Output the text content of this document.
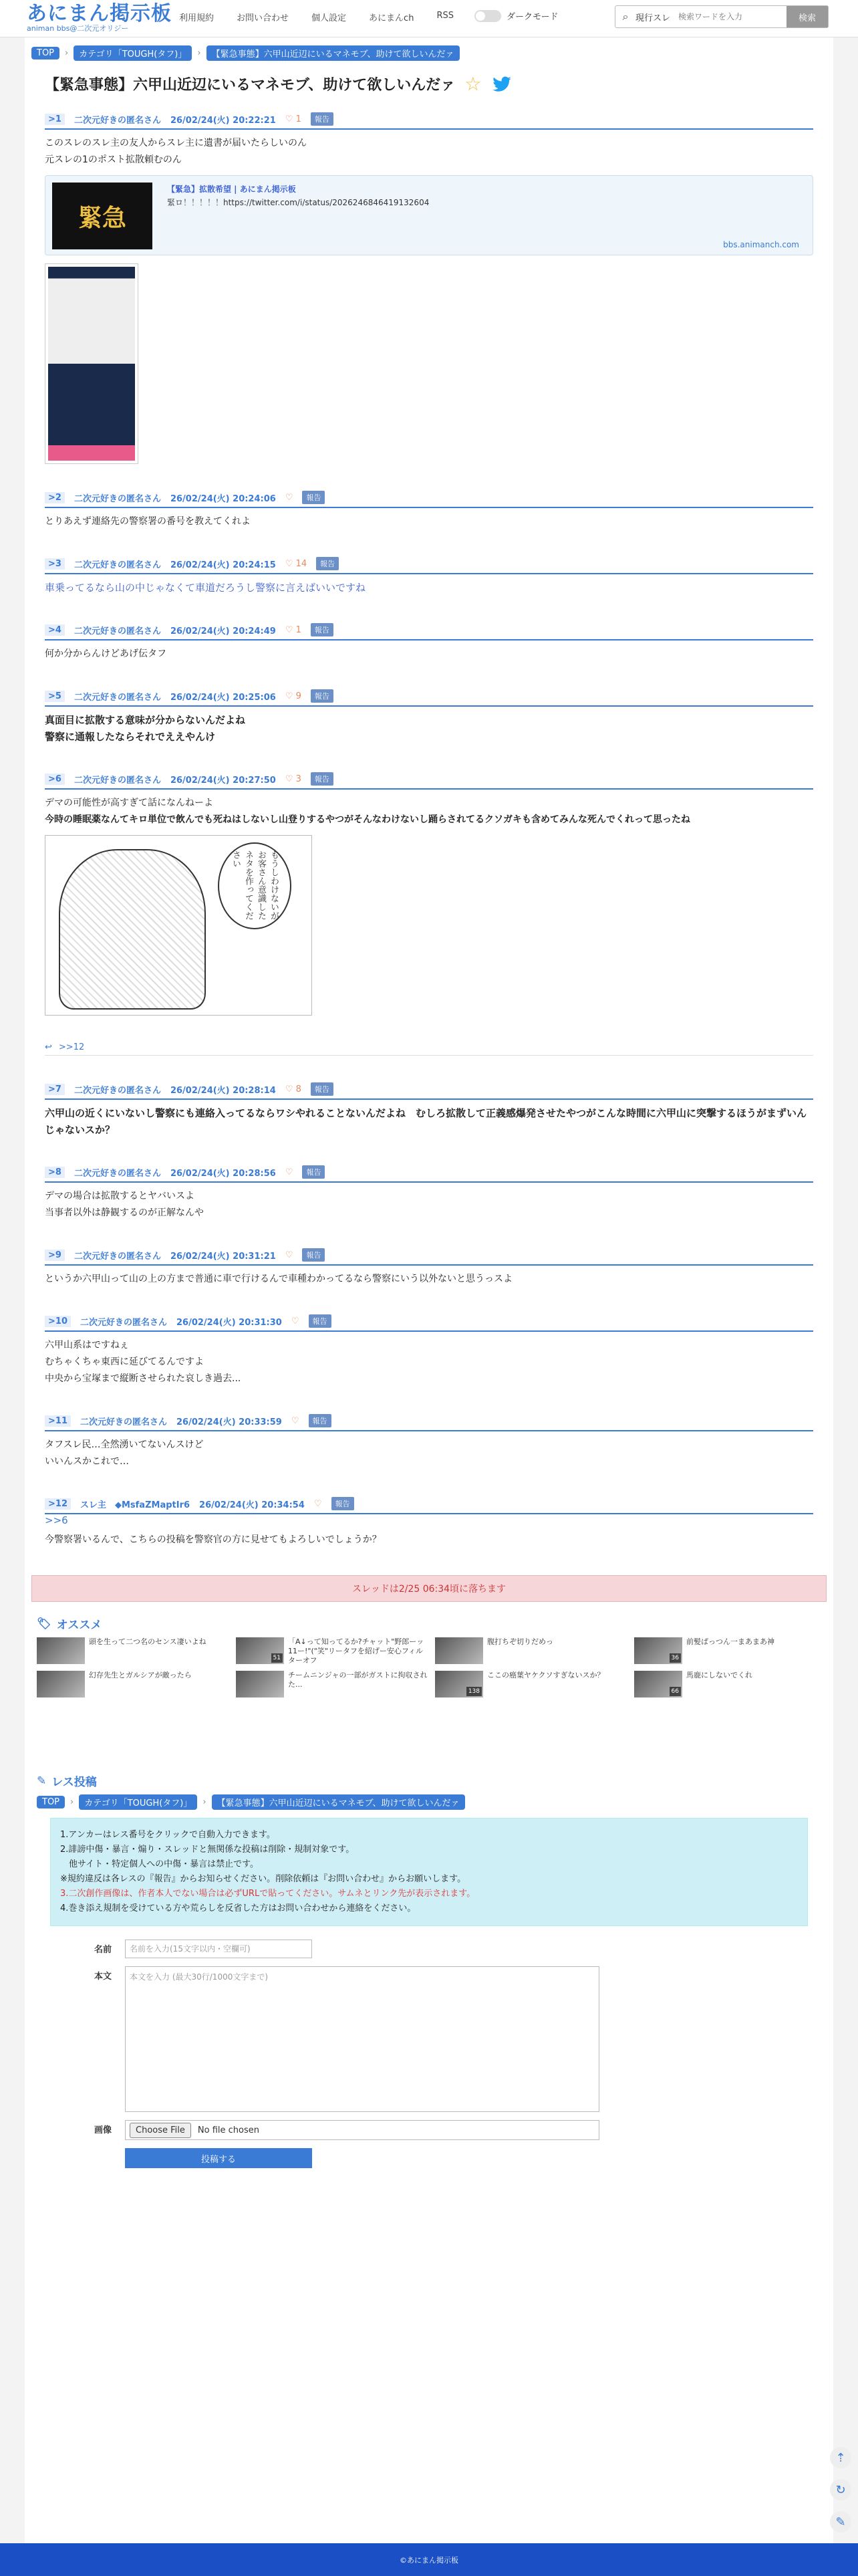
あにまん掲示板
animan bbs@二次元オリジー
利用規約	お問い合わせ	個人設定	あにまんch	RSS	ダークモード	⌕ 現行スレ
検索ワードを入力	検索
TOP	›	カテゴリ「TOUGH(タフ)」	›	【緊急事態】六甲山近辺にいるマネモブ、助けて欲しいんだァ
【緊急事態】六甲山近辺にいるマネモブ、助けて欲しいんだァ ☆
>1	二次元好きの匿名さん 26/02/24(火) 20:22:21 ♡ 1	報告
このスレのスレ主の友人からスレ主に遺書が届いたらしいのん
元スレの1のポスト拡散頼むのん
緊急
【緊急】拡散希望 | あにまん掲示板
緊ロ！！！！！https://twitter.com/i/status/2026246846419132604
bbs.animanch.com
>2	二次元好きの匿名さん 26/02/24(火) 20:24:06 ♡	報告
とりあえず連絡先の警察署の番号を教えてくれよ
>3	二次元好きの匿名さん 26/02/24(火) 20:24:15 ♡ 14	報告
車乗ってるなら山の中じゃなくて車道だろうし警察に言えばいいですね
>4	二次元好きの匿名さん 26/02/24(火) 20:24:49 ♡ 1	報告
何か分からんけどあげ伝タフ
>5	二次元好きの匿名さん 26/02/24(火) 20:25:06 ♡ 9	報告
真面目に拡散する意味が分からないんだよね
警察に通報したならそれでええやんけ
>6	二次元好きの匿名さん 26/02/24(火) 20:27:50 ♡ 3	報告
デマの可能性が高すぎて話になんねーよ
今時の睡眠薬なんてキロ単位で飲んでも死ねはしないし山登りするやつがそんなわけないし踊らされてるクソガキも含めてみんな死んでくれって思ったね
もうしわけないがお客さん意識したネタを作ってください
↩ >>12
>7	二次元好きの匿名さん 26/02/24(火) 20:28:14 ♡ 8	報告
六甲山の近くにいないし警察にも連絡入ってるならワシやれることないんだよね　むしろ拡散して正義感爆発させたやつがこんな時間に六甲山に突撃するほうがまずいんじゃないスか？
>8	二次元好きの匿名さん 26/02/24(火) 20:28:56 ♡	報告
デマの場合は拡散するとヤバいスよ
当事者以外は静観するのが正解なんや
>9	二次元好きの匿名さん 26/02/24(火) 20:31:21 ♡	報告
というか六甲山って山の上の方まで普通に車で行けるんで車種わかってるなら警察にいう以外ないと思うっスよ
>10	二次元好きの匿名さん 26/02/24(火) 20:31:30 ♡	報告
六甲山系はですねぇ
むちゃくちゃ東西に延びてるんですよ
中央から宝塚まで縦断させられた哀しき過去...
>11	二次元好きの匿名さん 26/02/24(火) 20:33:59 ♡	報告
タフスレ民…全然湧いてないんスけど
いいんスかこれで…
>12	スレ主　◆MsfaZMaptIr6 26/02/24(火) 20:34:54 ♡	報告
>>6
今警察署いるんで、こちらの投稿を警察官の方に見せてもよろしいでしょうか？
スレッドは2/25 06:34頃に落ちます
🏷 オススメ
頭を生って二つ名のセンス凄いよね
51
「A↓って知ってるか?チャット"野郎ーッ11ー!"("笑"リータフを紹げー安心フィルターオフ
腹打ちぞ切りだめっ
36
前髪ぱっつん一まあまあ神
幻存先生とガルシアが敵ったら	チームニンジャの一部がガストに拘収された...
138
ここの癌葉ヤケクソすぎないスか？
66
馬鹿にしないでくれ
✎ レス投稿
TOP	›	カテゴリ「TOUGH(タフ)」	›	【緊急事態】六甲山近辺にいるマネモブ、助けて欲しいんだァ
1.アンカーはレス番号をクリックで自動入力できます。
2.誹謗中傷・暴言・煽り・スレッドと無関係な投稿は削除・規制対象です。
　他サイト・特定個人への中傷・暴言は禁止です。
※規約違反は各レスの『報告』からお知らせください。削除依頼は『お問い合わせ』からお願いします。
3.二次創作画像は、作者本人でない場合は必ずURLで貼ってください。サムネとリンク先が表示されます。
4.巻き添え規制を受けている方や荒らしを反省した方はお問い合わせから連絡をください。
名前	名前を入力(15文字以内・空欄可)
本文	本文を入力 (最大30行/1000文字まで)
画像	Choose File	No file chosen
投稿する
⇡
↻
✎
©あにまん掲示板
